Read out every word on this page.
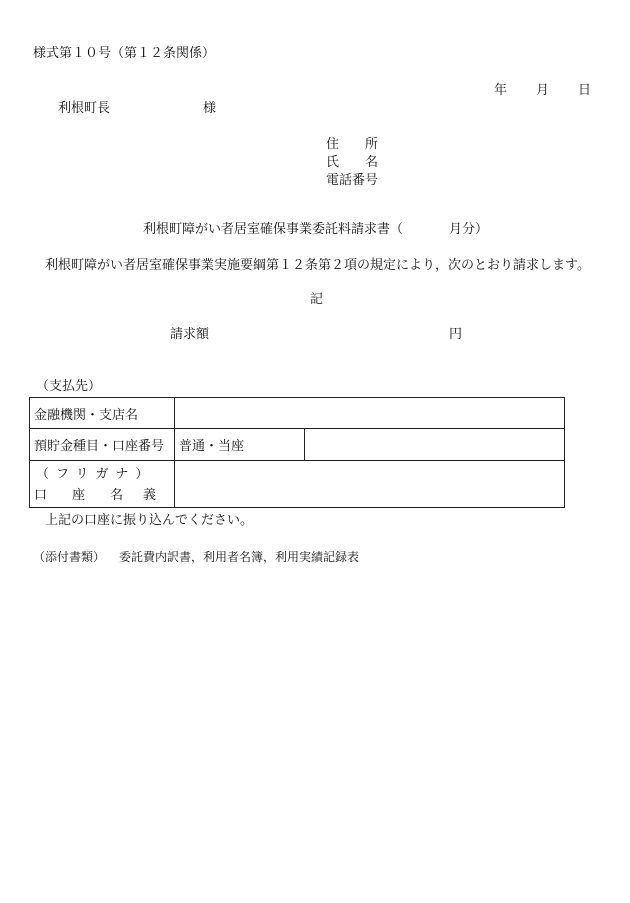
様式第１０号（第１２条関係）
年 月 日
利根町長	様
住　　所
氏　　名
電話番号
利根町障がい者居室確保事業委託料請求書（	月分）
利根町障がい者居室確保事業実施要綱第１２条第２項の規定により，次のとおり請求します。
記
請求額	円
（支払先）
金融機関・支店名		
預貯金種目・口座番号	普通・当座	

（フリガナ）
口 座 名 義		
上記の口座に振り込んでください。
（添付書類） 委託費内訳書，利用者名簿，利用実績記録表
